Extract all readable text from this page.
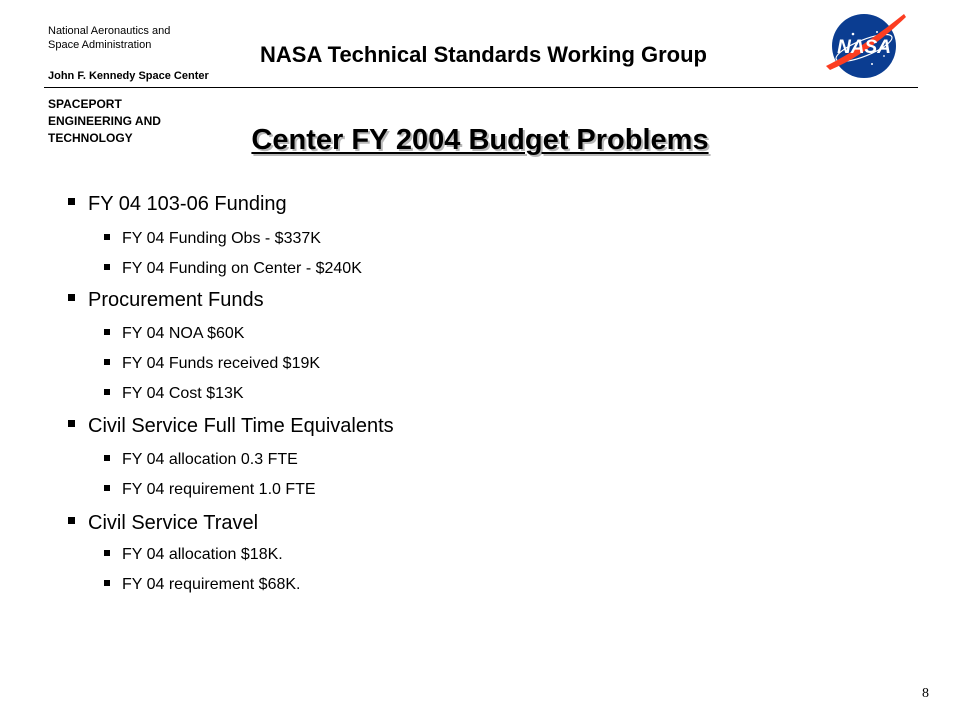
National Aeronautics and
Space Administration
John F. Kennedy Space Center
NASA Technical Standards Working Group	NASA
SPACEPORT
ENGINEERING AND
TECHNOLOGY	Center FY 2004 Budget Problems
FY 04 103-06 Funding
FY 04 Funding Obs - $337K
FY 04 Funding on Center - $240K
Procurement Funds
FY 04 NOA $60K
FY 04 Funds received $19K
FY 04 Cost $13K
Civil Service Full Time Equivalents
FY 04 allocation 0.3 FTE
FY 04 requirement 1.0 FTE
Civil Service Travel
FY 04 allocation $18K.
FY 04 requirement $68K.
8
